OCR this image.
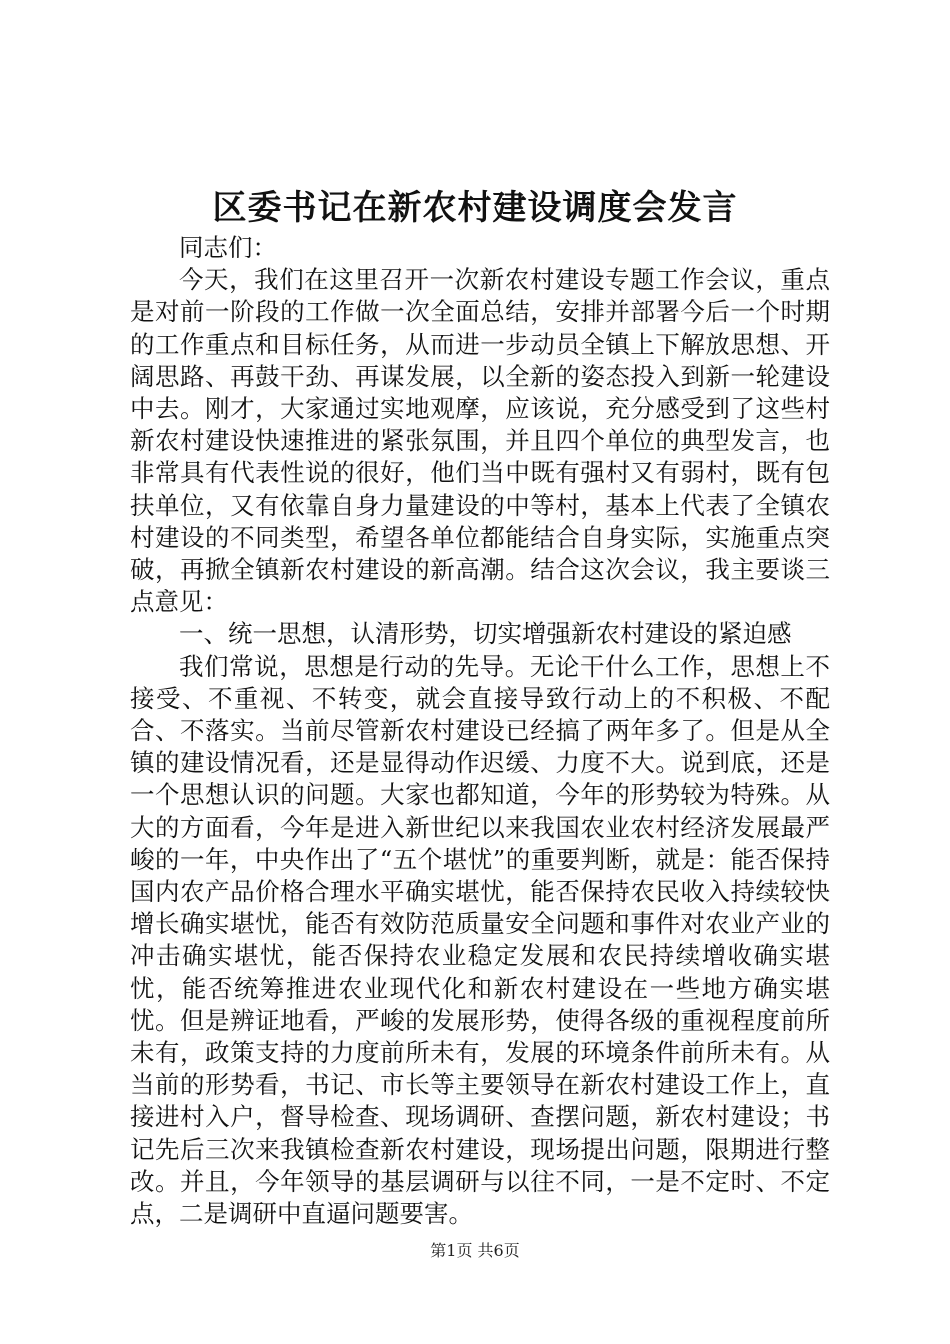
区委书记在新农村建设调度会发言

同志们：

今天，我们在这里召开一次新农村建设专题工作会议，重点是对前一阶段的工作做一次全面总结，安排并部署今后一个时期的工作重点和目标任务，从而进一步动员全镇上下解放思想、开阔思路、再鼓干劲、再谋发展，以全新的姿态投入到新一轮建设中去。刚才，大家通过实地观摩，应该说，充分感受到了这些村新农村建设快速推进的紧张氛围，并且四个单位的典型发言，也非常具有代表性说的很好，他们当中既有强村又有弱村，既有包扶单位，又有依靠自身力量建设的中等村，基本上代表了全镇农村建设的不同类型，希望各单位都能结合自身实际，实施重点突破，再掀全镇新农村建设的新高潮。结合这次会议，我主要谈三点意见：

一、统一思想，认清形势，切实增强新农村建设的紧迫感

我们常说，思想是行动的先导。无论干什么工作，思想上不接受、不重视、不转变，就会直接导致行动上的不积极、不配合、不落实。当前尽管新农村建设已经搞了两年多了。但是从全镇的建设情况看，还是显得动作迟缓、力度不大。说到底，还是一个思想认识的问题。大家也都知道，今年的形势较为特殊。从大的方面看，今年是进入新世纪以来我国农业农村经济发展最严峻的一年，中央作出了“五个堪忧”的重要判断，就是：能否保持国内农产品价格合理水平确实堪忧，能否保持农民收入持续较快增长确实堪忧，能否有效防范质量安全问题和事件对农业产业的冲击确实堪忧，能否保持农业稳定发展和农民持续增收确实堪忧，能否统筹推进农业现代化和新农村建设在一些地方确实堪忧。但是辨证地看，严峻的发展形势，使得各级的重视程度前所未有，政策支持的力度前所未有，发展的环境条件前所未有。从当前的形势看，书记、市长等主要领导在新农村建设工作上，直接进村入户，督导检查、现场调研、查摆问题，新农村建设；书记先后三次来我镇检查新农村建设，现场提出问题，限期进行整改。并且，今年领导的基层调研与以往不同，一是不定时、不定点，二是调研中直逼问题要害。

第1页 共6页
